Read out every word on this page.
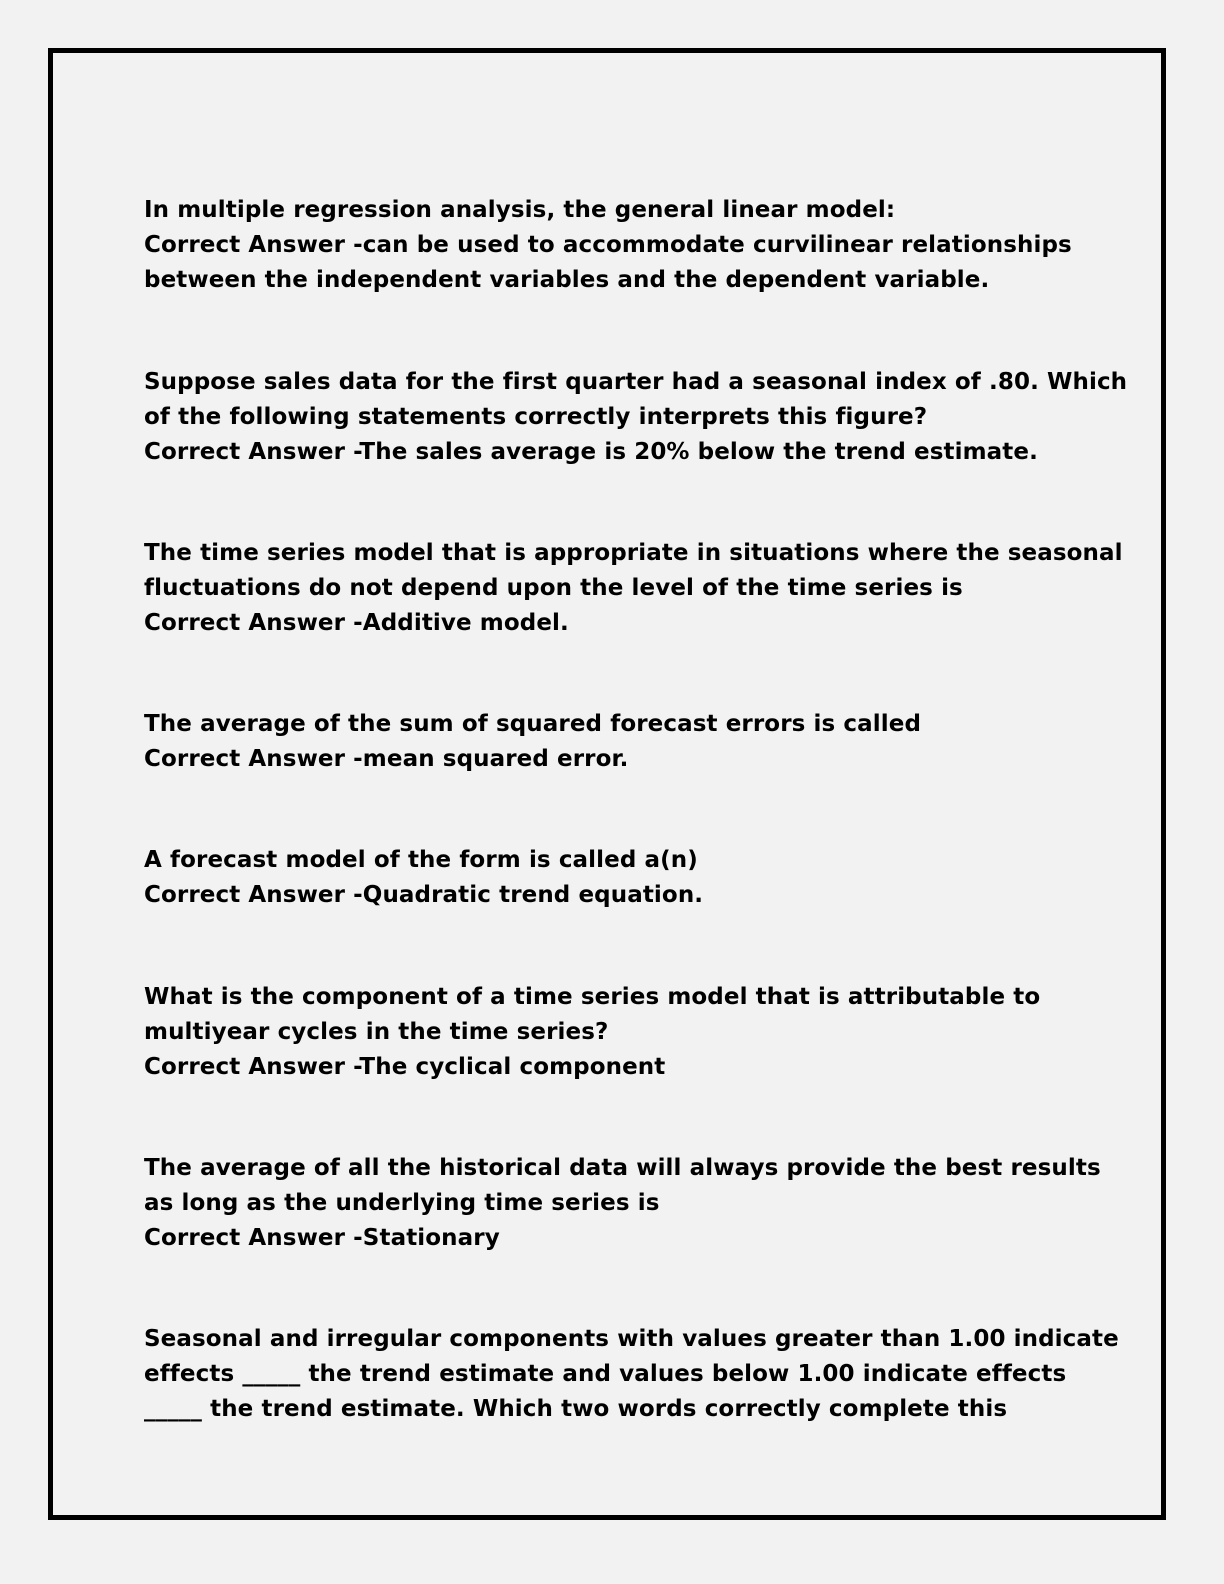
In multiple regression analysis, the general linear model:
Correct Answer -can be used to accommodate curvilinear relationships
between the independent variables and the dependent variable.
Suppose sales data for the first quarter had a seasonal index of .80. Which
of the following statements correctly interprets this figure?
Correct Answer -The sales average is 20% below the trend estimate.
The time series model that is appropriate in situations where the seasonal
fluctuations do not depend upon the level of the time series is
Correct Answer -Additive model.
The average of the sum of squared forecast errors is called
Correct Answer -mean squared error.
A forecast model of the form is called a(n)
Correct Answer -Quadratic trend equation.
What is the component of a time series model that is attributable to
multiyear cycles in the time series?
Correct Answer -The cyclical component
The average of all the historical data will always provide the best results
as long as the underlying time series is
Correct Answer -Stationary
Seasonal and irregular components with values greater than 1.00 indicate
effects _____ the trend estimate and values below 1.00 indicate effects
_____ the trend estimate. Which two words correctly complete this
